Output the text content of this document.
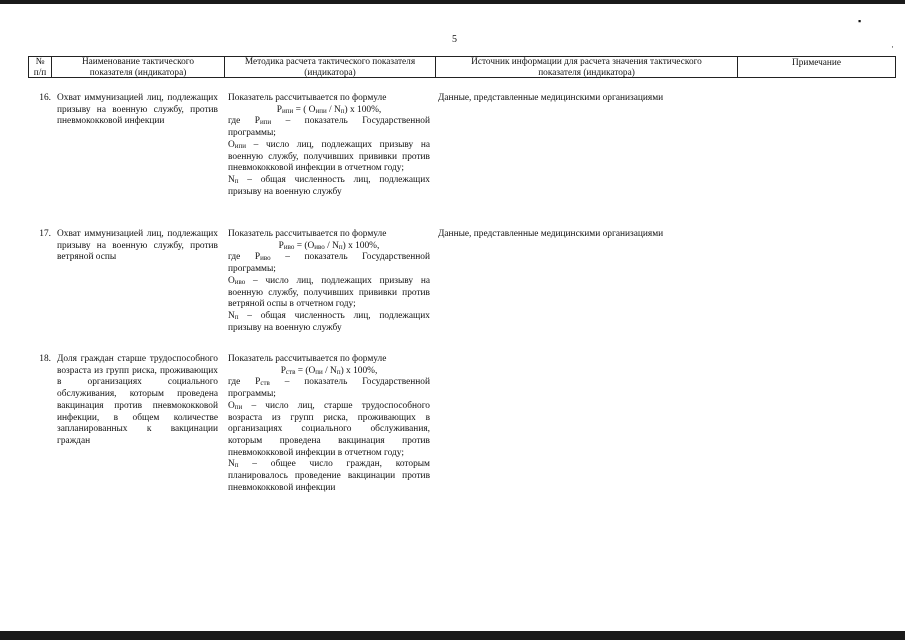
▪
·
5
№
п/п
Наименование тактического
показателя (индикатора)
Методика расчета тактического показателя
(индикатора)
Источник информации для расчета значения тактического
показателя (индикатора)
Примечание
16. Охват иммунизацией лиц, подлежащих призыву на военную службу, против пневмококковой инфекции
Показатель рассчитывается по формуле
$P_{ипи}$ = ( $O_{ипи} / N_п$) x 100%,
где $P_{ипи}$ – показатель Государственной программы;
$O_{ипи}$ – число лиц, подлежащих призыву на военную службу, получивших прививки против пневмококковой инфекции в отчетном году;
$N_п$ – общая численность лиц, подлежащих призыву на военную службу
Данные, представленные медицинскими организациями
17. Охват иммунизацией лиц, подлежащих призыву на военную службу, против ветряной оспы
Показатель рассчитывается по формуле
$P_{иво} = (O_{иво} / N_п)$ x 100%,
где $P_{иво}$ – показатель Государственной программы;
$O_{иво}$ – число лиц, подлежащих призыву на военную службу, получивших прививки против ветряной оспы в отчетном году;
$N_п$ – общая численность лиц, подлежащих призыву на военную службу
Данные, представленные медицинскими организациями
18. Доля граждан старше трудоспособного возраста из групп риска, проживающих в организациях социального обслуживания, которым проведена вакцинация против пневмококковой инфекции, в общем количестве запланированных к вакцинации граждан
Показатель рассчитывается по формуле
$P_{ств} = (O_{пи} / N_п)$ x 100%,
где $P_{ств}$ – показатель Государственной программы;
$O_{пи}$ – число лиц, старше трудоспособного возраста из групп риска, проживающих в организациях социального обслуживания, которым проведена вакцинация против пневмококковой инфекции в отчетном году;
$N_п$ – общее число граждан, которым планировалось проведение вакцинации против пневмококковой инфекции
